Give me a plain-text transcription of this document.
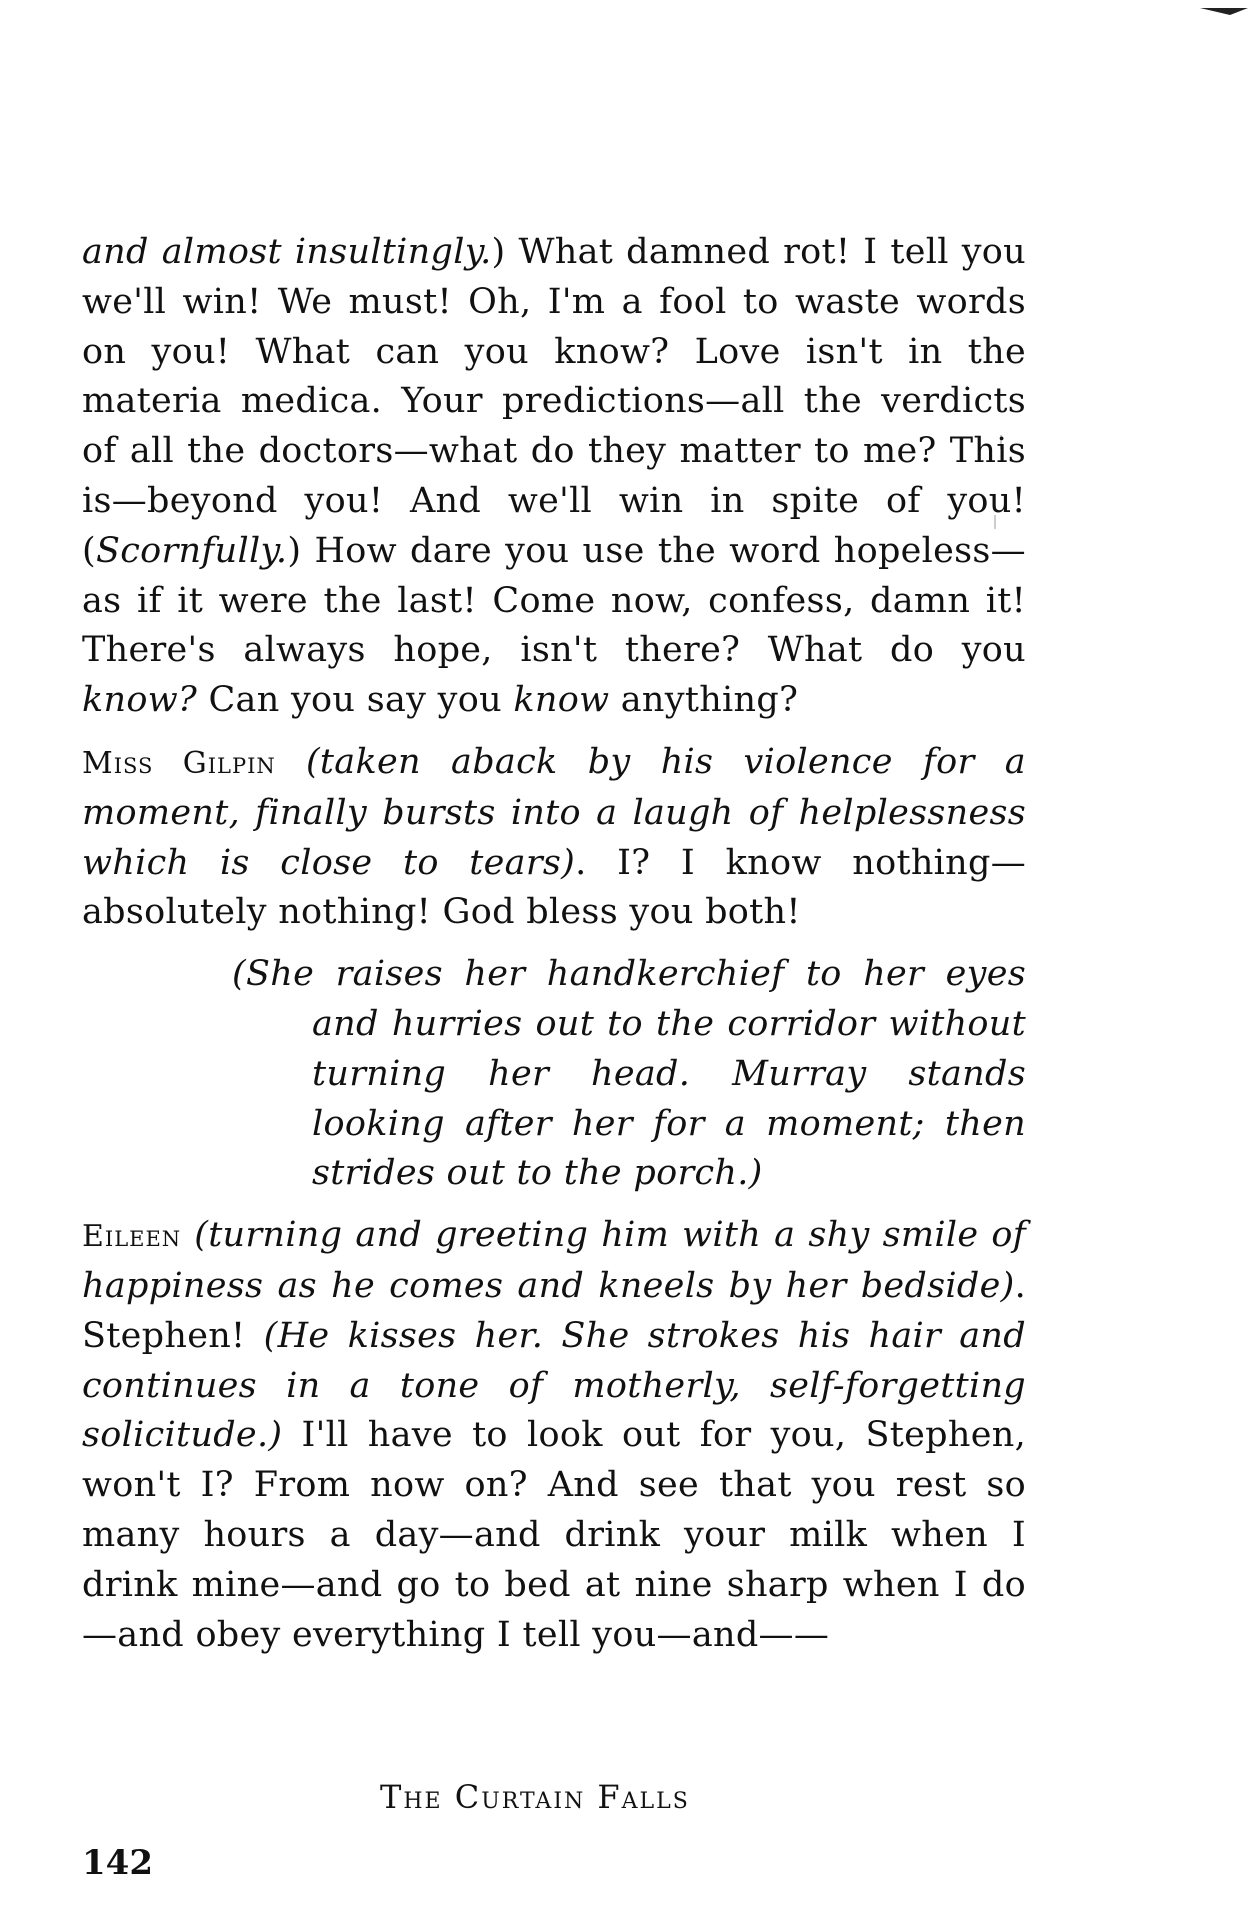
and almost insultingly.) What damned rot! I tell you we'll win! We must! Oh, I'm a fool to waste words on you! What can you know? Love isn't in the materia medica. Your predictions—all the verdicts of all the doctors—what do they matter to me? This is—beyond you! And we'll win in spite of you! (Scornfully.) How dare you use the word hopeless—as if it were the last! Come now, confess, damn it! There's always hope, isn't there? What do you know? Can you say you know anything?

Miss Gilpin (taken aback by his violence for a moment, finally bursts into a laugh of helplessness which is close to tears). I? I know nothing—absolutely nothing! God bless you both!

(She raises her handkerchief to her eyes and hurries out to the corridor without turning her head. Murray stands looking after her for a moment; then strides out to the porch.)

Eileen (turning and greeting him with a shy smile of happiness as he comes and kneels by her bedside). Stephen! (He kisses her. She strokes his hair and continues in a tone of motherly, self-forgetting solicitude.) I'll have to look out for you, Stephen, won't I? From now on? And see that you rest so many hours a day—and drink your milk when I drink mine—and go to bed at nine sharp when I do—and obey everything I tell you—and——

The Curtain Falls
142
